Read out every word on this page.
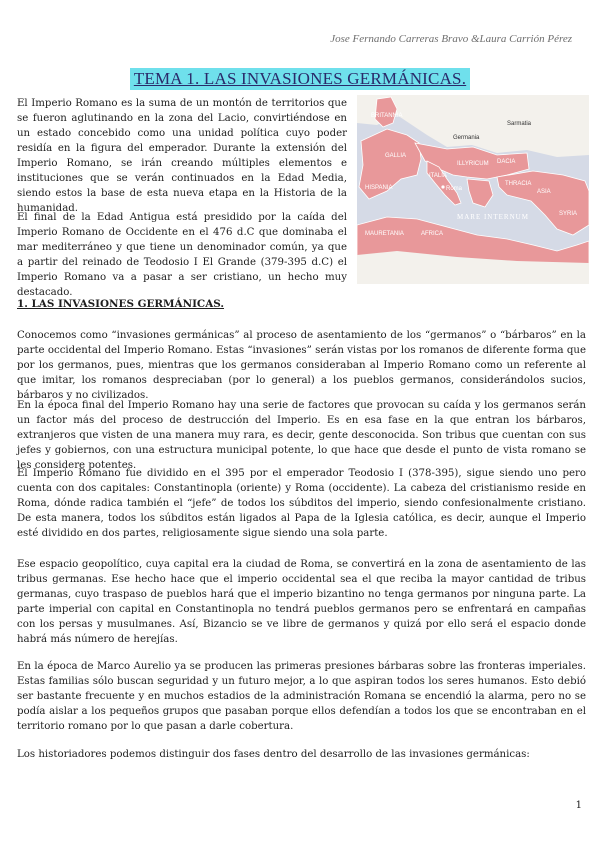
Jose Fernando Carreras Bravo &Laura Carrión Pérez
TEMA 1. LAS INVASIONES GERMÁNICAS.

El Imperio Romano es la suma de un montón de territorios que se fueron aglutinando en la zona del Lacio, convirtiéndose en un estado concebido como una unidad política cuyo poder residía en la figura del emperador. Durante la extensión del Imperio Romano, se irán creando múltiples elementos e instituciones que se verán continuados en la Edad Media, siendo estos la base de esta nueva etapa en la Historia de la humanidad.

El final de la Edad Antigua está presidido por la caída del Imperio Romano de Occidente en el 476 d.C que dominaba el mar mediterráneo y que tiene un denominador común, ya que a partir del reinado de Teodosio I El Grande (379-395 d.C) el Imperio Romano va a pasar a ser cristiano, un hecho muy destacado.

Germania
Sarmatia
BRITANNIA
GALLIA
HISPANIA
ITALIA
ILLYRICUM DACIA
THRACIA
ASIA
MAURETANIA	AFRICA
SYRIA
Roma
MARE INTERNUM

1. LAS INVASIONES GERMÁNICAS.

Conocemos como “invasiones germánicas” al proceso de asentamiento de los “germanos” o “bárbaros” en la parte occidental del Imperio Romano. Estas “invasiones” serán vistas por los romanos de diferente forma que por los germanos, pues, mientras que los germanos consideraban al Imperio Romano como un referente al que imitar, los romanos despreciaban (por lo general) a los pueblos germanos, considerándolos sucios, bárbaros y no civilizados.

En la época final del Imperio Romano hay una serie de factores que provocan su caída y los germanos serán un factor más del proceso de destrucción del Imperio. Es en esa fase en la que entran los bárbaros, extranjeros que visten de una manera muy rara, es decir, gente desconocida. Son tribus que cuentan con sus jefes y gobiernos, con una estructura municipal potente, lo que hace que desde el punto de vista romano se les considere potentes.

El Imperio Romano fue dividido en el 395 por el emperador Teodosio I (378-395), sigue siendo uno pero cuenta con dos capitales: Constantinopla (oriente) y Roma (occidente). La cabeza del cristianismo reside en Roma, dónde radica también el “jefe” de todos los súbditos del imperio, siendo confesionalmente cristiano. De esta manera, todos los súbditos están ligados al Papa de la Iglesia católica, es decir, aunque el Imperio esté dividido en dos partes, religiosamente sigue siendo una sola parte.

Ese espacio geopolítico, cuya capital era la ciudad de Roma, se convertirá en la zona de asentamiento de las tribus germanas. Ese hecho hace que el imperio occidental sea el que reciba la mayor cantidad de tribus germanas, cuyo traspaso de pueblos hará que el imperio bizantino no tenga germanos por ninguna parte. La parte imperial con capital en Constantinopla no tendrá pueblos germanos pero se enfrentará en campañas con los persas y musulmanes. Así, Bizancio se ve libre de germanos y quizá por ello será el espacio donde habrá más número de herejías.

En la época de Marco Aurelio ya se producen las primeras presiones bárbaras sobre las fronteras imperiales. Estas familias sólo buscan seguridad y un futuro mejor, a lo que aspiran todos los seres humanos. Esto debió ser bastante frecuente y en muchos estadios de la administración Romana se encendió la alarma, pero no se podía aislar a los pequeños grupos que pasaban porque ellos defendían a todos los que se encontraban en el territorio romano por lo que pasan a darle cobertura.

Los historiadores podemos distinguir dos fases dentro del desarrollo de las invasiones germánicas:

1
